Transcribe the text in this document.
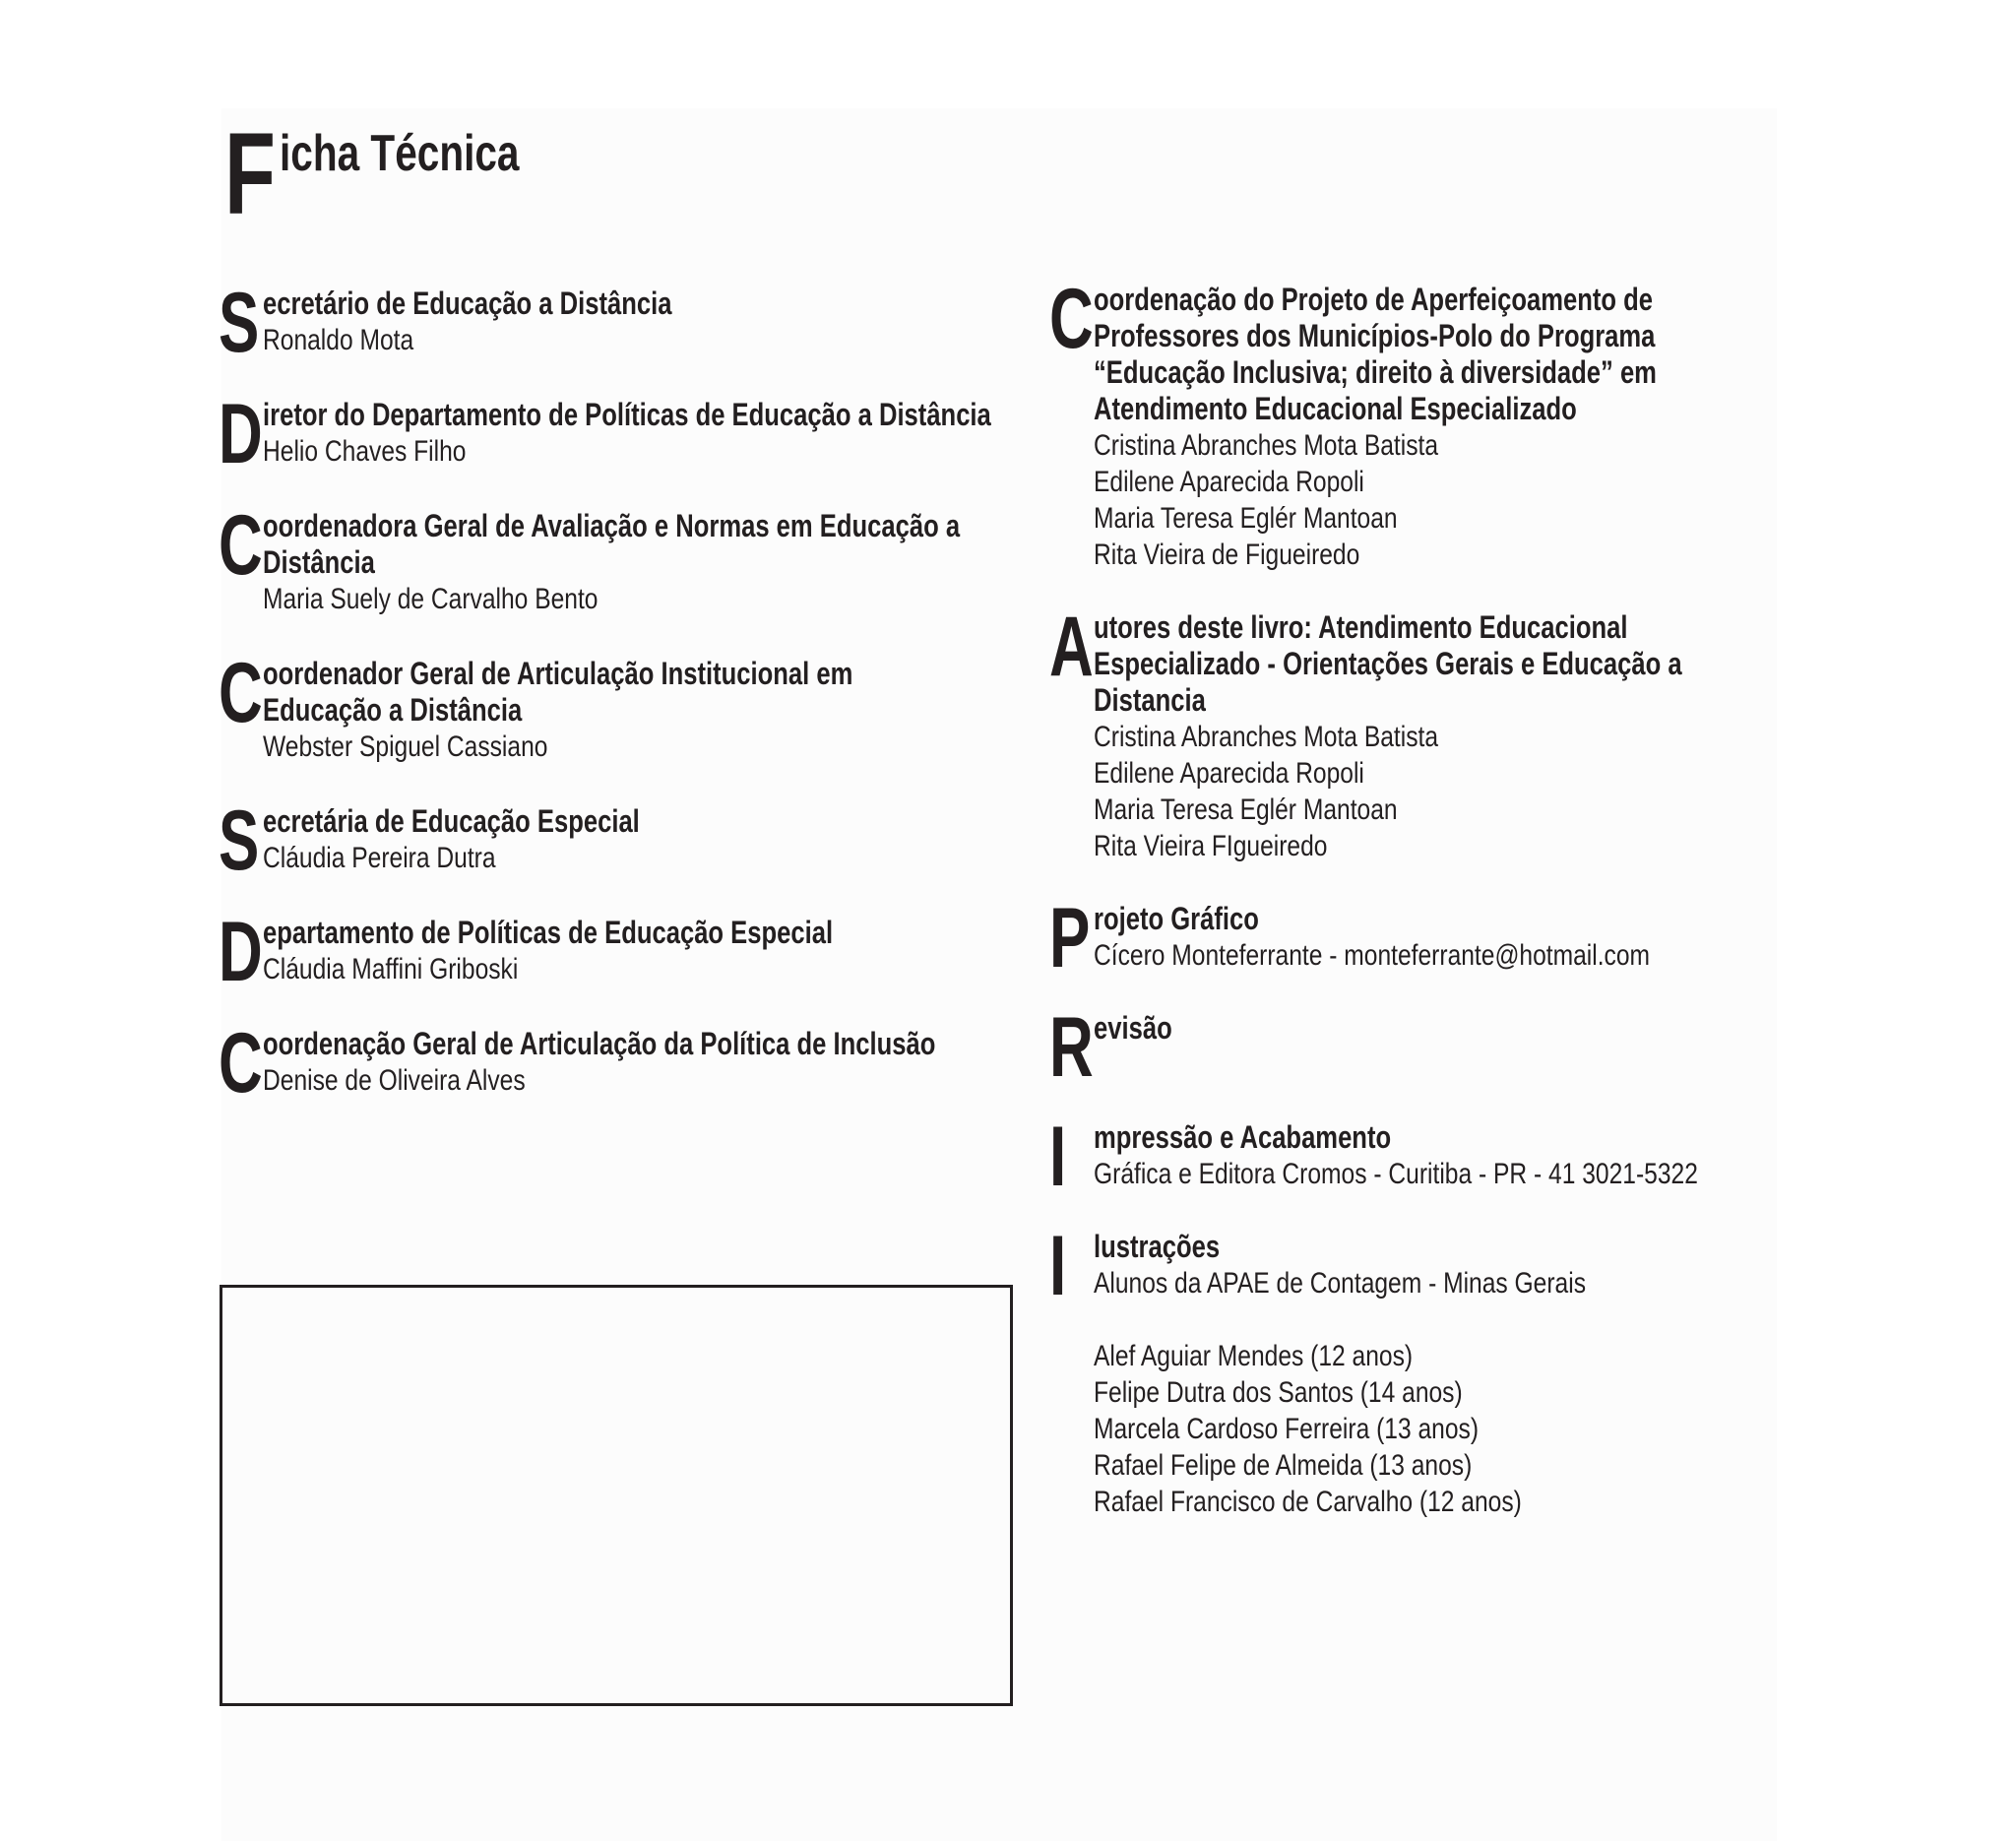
F icha Técnica
S ecretário de Educação a Distância
Ronaldo Mota
D iretor do Departamento de Políticas de Educação a Distância
Helio Chaves Filho
C oordenadora Geral de Avaliação e Normas em Educação a
Distância
Maria Suely de Carvalho Bento
C oordenador Geral de Articulação Institucional em
Educação a Distância
Webster Spiguel Cassiano
S ecretária de Educação Especial
Cláudia Pereira Dutra
D epartamento de Políticas de Educação Especial
Cláudia Maffini Griboski
C oordenação Geral de Articulação da Política de Inclusão
Denise de Oliveira Alves
C oordenação do Projeto de Aperfeiçoamento de
Professores dos Municípios-Polo do Programa
“Educação Inclusiva; direito à diversidade” em
Atendimento Educacional Especializado
Cristina Abranches Mota Batista
Edilene Aparecida Ropoli
Maria Teresa Eglér Mantoan
Rita Vieira de Figueiredo
A utores deste livro: Atendimento Educacional
Especializado - Orientações Gerais e Educação a
Distancia
Cristina Abranches Mota Batista
Edilene Aparecida Ropoli
Maria Teresa Eglér Mantoan
Rita Vieira FIgueiredo
P rojeto Gráfico
Cícero Monteferrante - monteferrante@hotmail.com
R evisão
I mpressão e Acabamento
Gráfica e Editora Cromos - Curitiba - PR - 41 3021-5322
I lustrações
Alunos da APAE de Contagem - Minas Gerais
Alef Aguiar Mendes (12 anos)
Felipe Dutra dos Santos (14 anos)
Marcela Cardoso Ferreira (13 anos)
Rafael Felipe de Almeida (13 anos)
Rafael Francisco de Carvalho (12 anos)
